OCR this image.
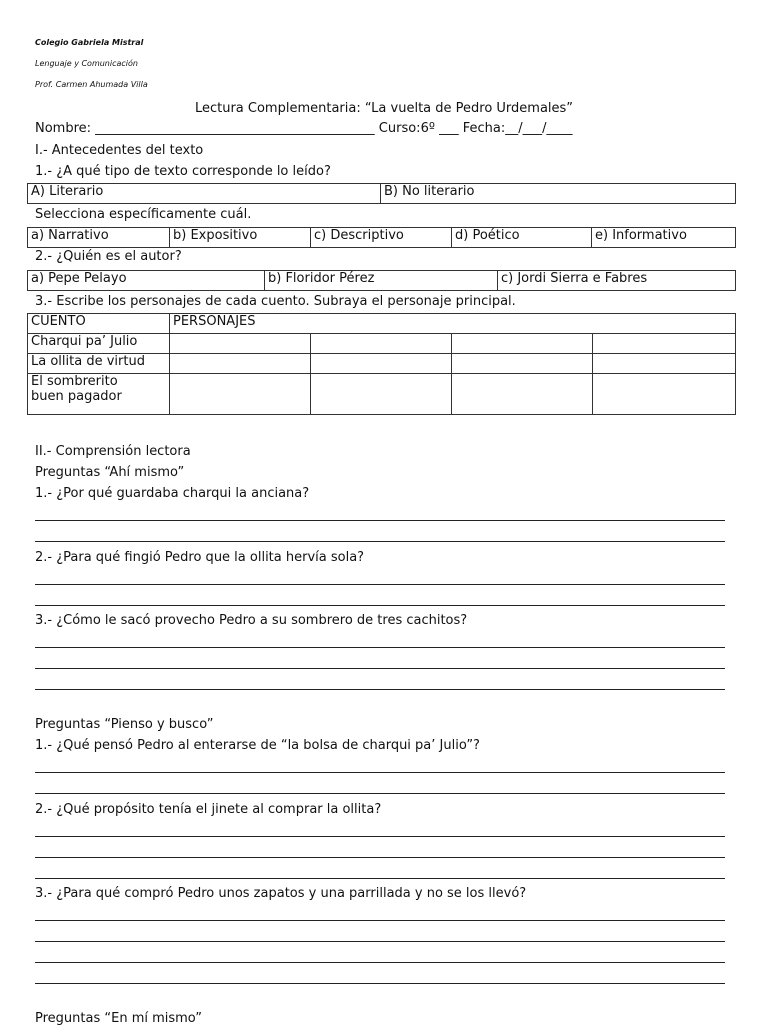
Colegio Gabriela Mistral
Lenguaje y Comunicación
Prof. Carmen Ahumada Villa
Lectura Complementaria: “La vuelta de Pedro Urdemales”
Nombre: ___________________________________________ Curso:6º ___ Fecha:__/___/____
I.- Antecedentes del texto
1.- ¿A qué tipo de texto corresponde lo leído?
A) Literario	B) No literario
Selecciona específicamente cuál.
a) Narrativo	b) Expositivo	c) Descriptivo	d) Poético	e) Informativo
2.- ¿Quién es el autor?
a) Pepe Pelayo	b) Floridor Pérez	c) Jordi Sierra e Fabres
3.- Escribe los personajes de cada cuento. Subraya el personaje principal.
CUENTO	PERSONAJES			
Charqui pa’ Julio				
La ollita de virtud				

El sombrerito
buen pagador				

II.- Comprensión lectora
Preguntas “Ahí mismo”
1.- ¿Por qué guardaba charqui la anciana?
2.- ¿Para qué fingió Pedro que la ollita hervía sola?
3.- ¿Cómo le sacó provecho Pedro a su sombrero de tres cachitos?
Preguntas “Pienso y busco”
1.- ¿Qué pensó Pedro al enterarse de “la bolsa de charqui pa’ Julio”?
2.- ¿Qué propósito tenía el jinete al comprar la ollita?
3.- ¿Para qué compró Pedro unos zapatos y una parrillada y no se los llevó?
Preguntas “En mí mismo”
